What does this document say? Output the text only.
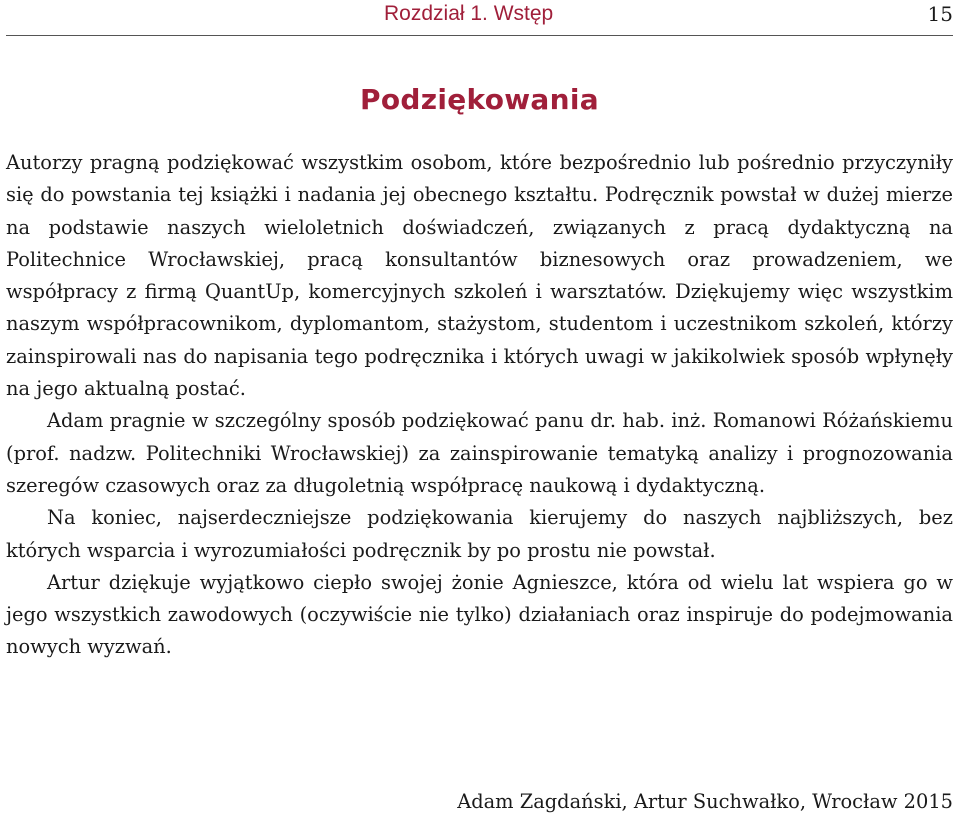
Rozdział 1. Wstęp	15
Podziękowania

Autorzy pragną podziękować wszystkim osobom, które bezpośrednio lub pośrednio przyczyniły się do powstania tej książki i nadania jej obecnego kształtu. Podręcznik powstał w dużej mierze na podstawie naszych wieloletnich doświadczeń, związanych z pracą dydaktyczną na Politechnice Wrocławskiej, pracą konsultantów biznesowych oraz prowadzeniem, we współpracy z firmą QuantUp, komercyjnych szkoleń i warsztatów. Dziękujemy więc wszystkim naszym współpracownikom, dyplomantom, stażystom, studentom i uczestnikom szkoleń, którzy zainspirowali nas do napisania tego podręcznika i których uwagi w jakikolwiek sposób wpłynęły na jego aktualną postać.

Adam pragnie w szczególny sposób podziękować panu dr. hab. inż. Romanowi Różańskiemu (prof. nadzw. Politechniki Wrocławskiej) za zainspirowanie tematyką analizy i prognozowania szeregów czasowych oraz za długoletnią współpracę naukową i dydaktyczną.

Na koniec, najserdeczniejsze podziękowania kierujemy do naszych najbliższych, bez których wsparcia i wyrozumiałości podręcznik by po prostu nie powstał.

Artur dziękuje wyjątkowo ciepło swojej żonie Agnieszce, która od wielu lat wspiera go w jego wszystkich zawodowych (oczywiście nie tylko) działaniach oraz inspiruje do podejmowania nowych wyzwań.

Adam Zagdański, Artur Suchwałko, Wrocław 2015
